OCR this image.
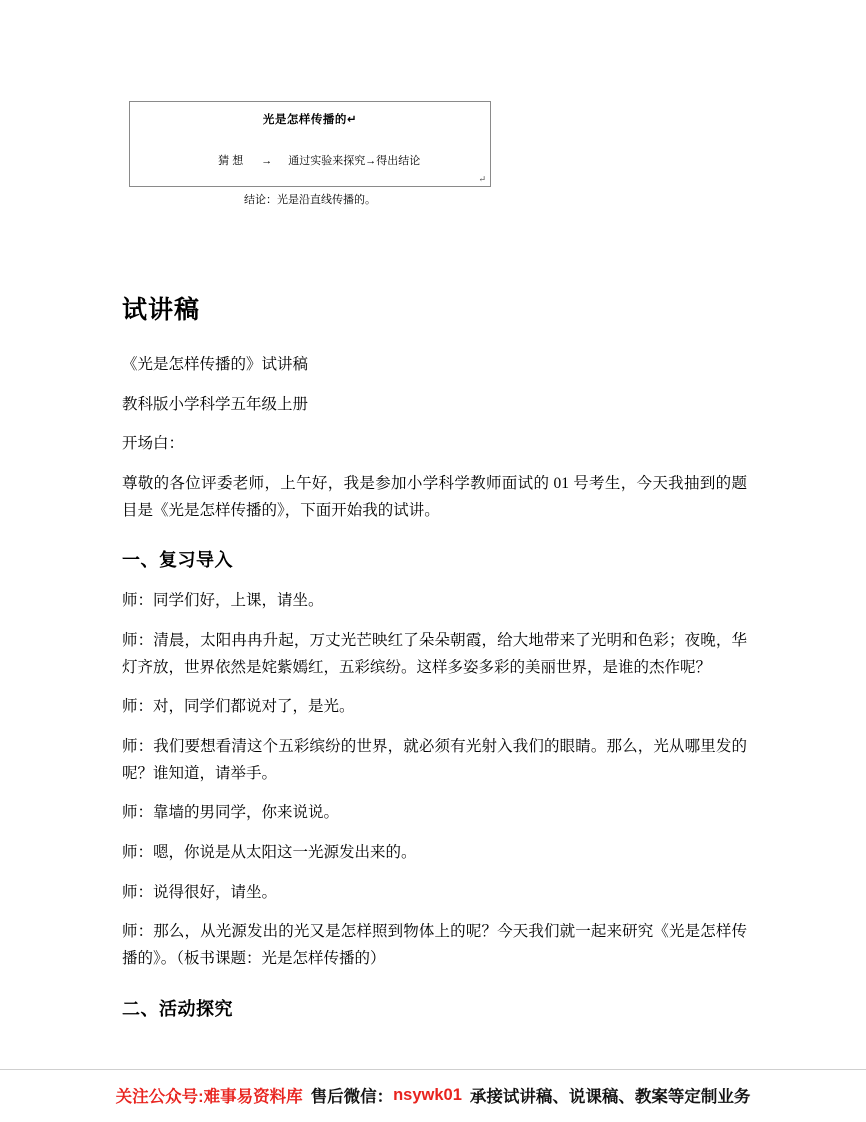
光是怎样传播的↵

猜 想 → 通过实验来探究→得出结论

结论：光是沿直线传播的。
↵
试讲稿

《光是怎样传播的》试讲稿

教科版小学科学五年级上册

开场白：

尊敬的各位评委老师，上午好，我是参加小学科学教师面试的 01 号考生，今天我抽到的题目是《光是怎样传播的》，下面开始我的试讲。

一、复习导入

师：同学们好，上课，请坐。

师：清晨，太阳冉冉升起，万丈光芒映红了朵朵朝霞，给大地带来了光明和色彩；夜晚，华灯齐放，世界依然是姹紫嫣红，五彩缤纷。这样多姿多彩的美丽世界，是谁的杰作呢？

师：对，同学们都说对了，是光。

师：我们要想看清这个五彩缤纷的世界，就必须有光射入我们的眼睛。那么，光从哪里发的呢？谁知道，请举手。

师：靠墙的男同学，你来说说。

师：嗯，你说是从太阳这一光源发出来的。

师：说得很好，请坐。

师：那么，从光源发出的光又是怎样照到物体上的呢？今天我们就一起来研究《光是怎样传播的》。（板书课题：光是怎样传播的）

二、活动探究
关注公众号:难事易资料库 售后微信： nsywk01 承接试讲稿、说课稿、教案等定制业务
